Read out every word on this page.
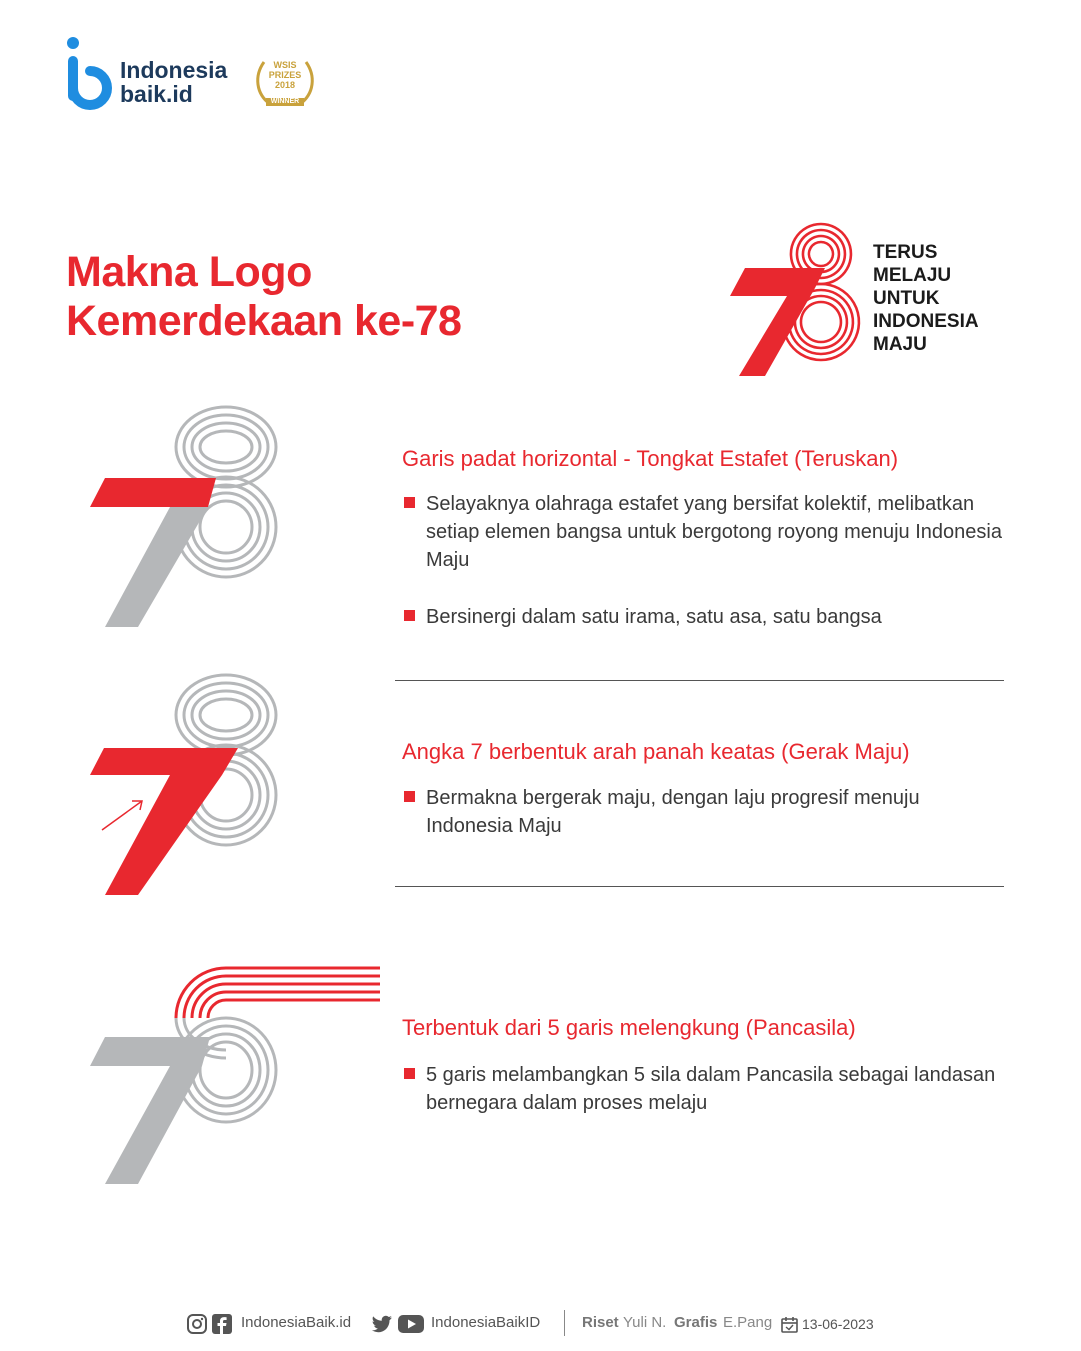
Indonesia
baik.id
WSIS
PRIZES
2018
WINNER
Makna Logo
Kemerdekaan ke-78
TERUS
MELAJU
UNTUK
INDONESIA
MAJU
Garis padat horizontal - Tongkat Estafet (Teruskan)
Selayaknya olahraga estafet yang bersifat kolektif, melibatkan setiap elemen bangsa untuk bergotong royong menuju Indonesia Maju
Bersinergi dalam satu irama, satu asa, satu bangsa
Angka 7 berbentuk arah panah keatas (Gerak Maju)
Bermakna bergerak maju, dengan laju progresif menuju Indonesia Maju
Terbentuk dari 5 garis melengkung (Pancasila)
5 garis melambangkan 5 sila dalam Pancasila sebagai landasan bernegara dalam proses melaju
IndonesiaBaik.id	IndonesiaBaikID	Riset Yuli N. Grafis E.Pang 13-06-2023
